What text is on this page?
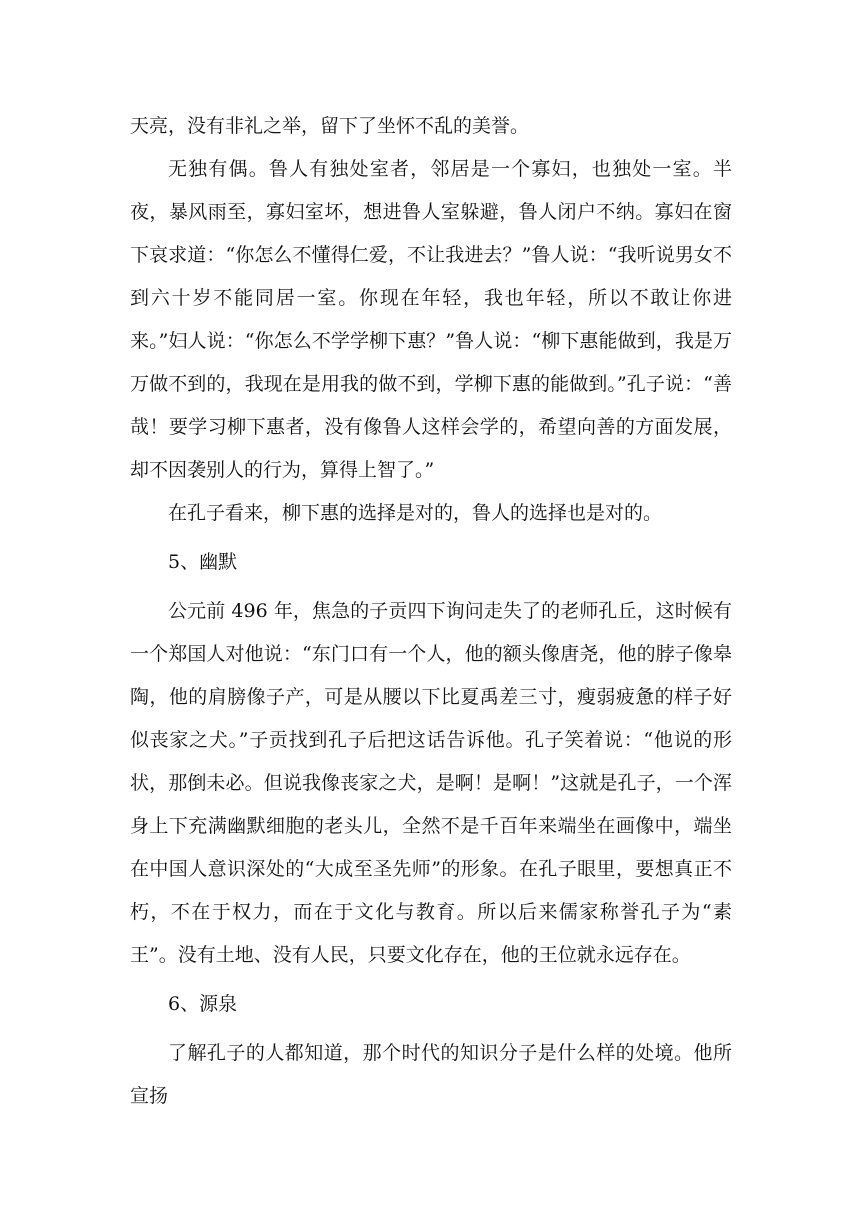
天亮，没有非礼之举，留下了坐怀不乱的美誉。

无独有偶。鲁人有独处室者，邻居是一个寡妇，也独处一室。半夜，暴风雨至，寡妇室坏，想进鲁人室躲避，鲁人闭户不纳。寡妇在窗下哀求道：“你怎么不懂得仁爱，不让我进去？”鲁人说：“我听说男女不到六十岁不能同居一室。你现在年轻，我也年轻，所以不敢让你进来。”妇人说：“你怎么不学学柳下惠？”鲁人说：“柳下惠能做到，我是万万做不到的，我现在是用我的做不到，学柳下惠的能做到。”孔子说：“善哉！要学习柳下惠者，没有像鲁人这样会学的，希望向善的方面发展，却不因袭别人的行为，算得上智了。”

在孔子看来，柳下惠的选择是对的，鲁人的选择也是对的。

5、幽默

公元前 496 年，焦急的子贡四下询问走失了的老师孔丘，这时候有一个郑国人对他说：“东门口有一个人，他的额头像唐尧，他的脖子像皋陶，他的肩膀像子产，可是从腰以下比夏禹差三寸，瘦弱疲惫的样子好似丧家之犬。”子贡找到孔子后把这话告诉他。孔子笑着说：“他说的形状，那倒未必。但说我像丧家之犬，是啊！是啊！”这就是孔子，一个浑身上下充满幽默细胞的老头儿，全然不是千百年来端坐在画像中，端坐在中国人意识深处的“大成至圣先师”的形象。在孔子眼里，要想真正不朽，不在于权力，而在于文化与教育。所以后来儒家称誉孔子为“素王”。没有土地、没有人民，只要文化存在，他的王位就永远存在。

6、源泉

了解孔子的人都知道，那个时代的知识分子是什么样的处境。他所宣扬
